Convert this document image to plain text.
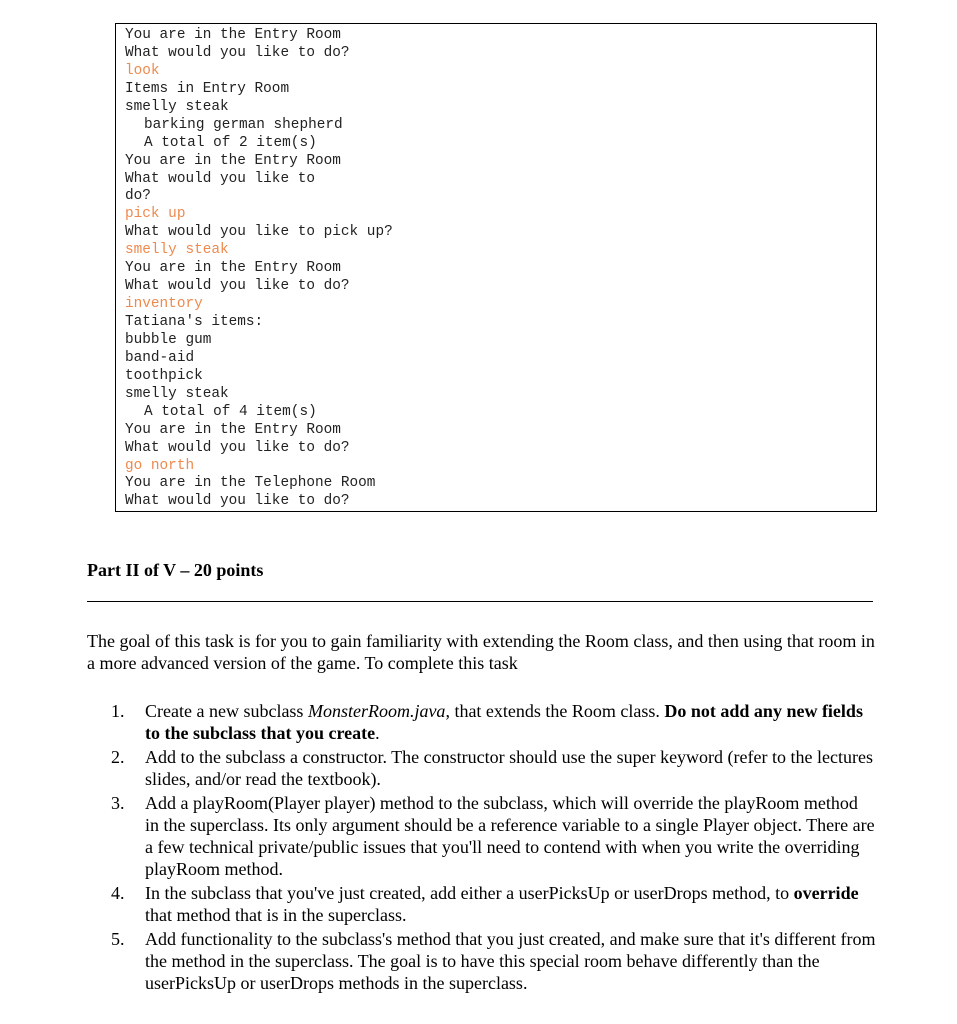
You are in the Entry Room
What would you like to do?
look
Items in Entry Room
smelly steak
barking german shepherd
A total of 2 item(s)
You are in the Entry Room
What would you like to
do?
pick up
What would you like to pick up?
smelly steak
You are in the Entry Room
What would you like to do?
inventory
Tatiana's items:
bubble gum
band-aid
toothpick
smelly steak
A total of 4 item(s)
You are in the Entry Room
What would you like to do?
go north
You are in the Telephone Room
What would you like to do?
Part II of V – 20 points
The goal of this task is for you to gain familiarity with extending the Room class, and then using that room in a more advanced version of the game. To complete this task
1.	Create a new subclass MonsterRoom.java, that extends the Room class. Do not add any new fields to the subclass that you create.
2.	Add to the subclass a constructor. The constructor should use the super keyword (refer to the lectures slides, and/or read the textbook).
3.	Add a playRoom(Player player) method to the subclass, which will override the playRoom method in the superclass. Its only argument should be a reference variable to a single Player object. There are a few technical private/public issues that you'll need to contend with when you write the overriding playRoom method.
4.	In the subclass that you've just created, add either a userPicksUp or userDrops method, to override that method that is in the superclass.
5.	Add functionality to the subclass's method that you just created, and make sure that it's different from the method in the superclass. The goal is to have this special room behave differently than the userPicksUp or userDrops methods in the superclass.
